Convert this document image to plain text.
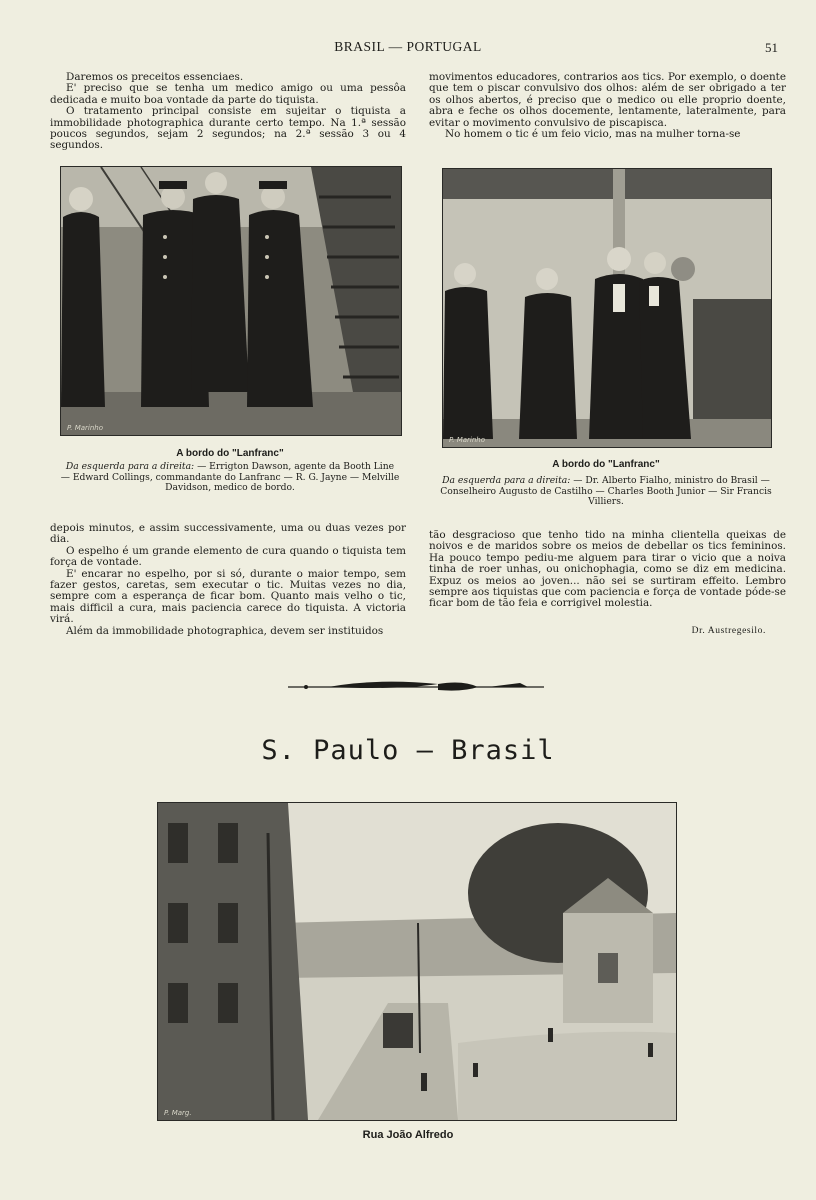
BRASIL — PORTUGAL	51

Daremos os preceitos essenciaes.

E' preciso que se tenha um medico amigo ou uma pessôa dedicada e muito boa vontade da parte do tiquista.

O tratamento principal consiste em sujeitar o tiquista a immobilidade photographica durante certo tempo. Na 1.ª sessão poucos segundos, sejam 2 segundos; na 2.ª sessão 3 ou 4 segundos.

movimentos educadores, contrarios aos tics. Por exemplo, o doente que tem o piscar convulsivo dos olhos: além de ser obrigado a ter os olhos abertos, é preciso que o medico ou elle proprio doente, abra e feche os olhos docemente, lentamente, lateralmente, para evitar o movimento convulsivo de piscapisca.

No homem o tic é um feio vicio, mas na mulher torna-se

P. Marinho
A bordo do "Lanfranc"
Da esquerda para a direita: — Errigton Dawson, agente da Booth Line — Edward Collings, commandante do Lanfranc — R. G. Jayne — Melville Davidson, medico de bordo.
P. Marinho
A bordo do "Lanfranc"
Da esquerda para a direita: — Dr. Alberto Fialho, ministro do Brasil — Conselheiro Augusto de Castilho — Charles Booth Junior — Sir Francis Villiers.

depois minutos, e assim successivamente, uma ou duas vezes por dia.

O espelho é um grande elemento de cura quando o tiquista tem força de vontade.

E' encarar no espelho, por si só, durante o maior tempo, sem fazer gestos, caretas, sem executar o tic. Muitas vezes no dia, sempre com a esperança de ficar bom. Quanto mais velho o tic, mais difficil a cura, mais paciencia carece do tiquista. A victoria virá.

Além da immobilidade photographica, devem ser instituidos

tão desgracioso que tenho tido na minha clientella queixas de noivos e de maridos sobre os meios de debellar os tics femininos. Ha pouco tempo pediu-me alguem para tirar o vicio que a noiva tinha de roer unhas, ou onichophagia, como se diz em medicina. Expuz os meios ao joven... não sei se surtiram effeito. Lembro sempre aos tiquistas que com paciencia e força de vontade póde-se ficar bom de tão feia e corrigivel molestia.

Dr. Austregesilo.
S. Paulo — Brasil
P. Marg.
Rua João Alfredo
